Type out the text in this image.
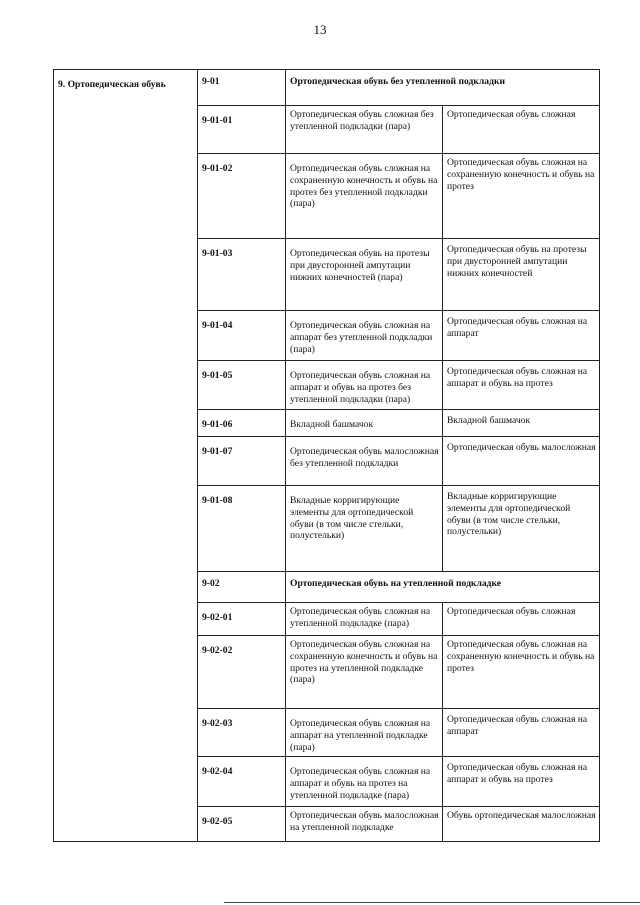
13
9. Ортопедическая обувь	9-01	Ортопедическая обувь без утепленной подкладки	
	9-01-01	Ортопедическая обувь сложная без утепленной подкладки (пара)	Ортопедическая обувь сложная
	9-01-02	Ортопедическая обувь сложная на сохраненную конечность и обувь на протез без утепленной подкладки (пара)	Ортопедическая обувь сложная на сохраненную конечность и обувь на протез
	9-01-03	Ортопедическая обувь на протезы при двусторонней ампутации нижних конечностей (пара)	Ортопедическая обувь на протезы при двусторонней ампутации нижних конечностей
	9-01-04	Ортопедическая обувь сложная на аппарат без утепленной подкладки (пара)	Ортопедическая обувь сложная на аппарат
	9-01-05	Ортопедическая обувь сложная на аппарат и обувь на протез без утепленной подкладки (пара)	Ортопедическая обувь сложная на аппарат и обувь на протез
	9-01-06	Вкладной башмачок	Вкладной башмачок
	9-01-07	Ортопедическая обувь малосложная без утепленной подкладки	Ортопедическая обувь малосложная
	9-01-08	Вкладные корригирующие элементы для ортопедической обуви (в том числе стельки, полустельки)	Вкладные корригирующие элементы для ортопедической обуви (в том числе стельки, полустельки)
	9-02	Ортопедическая обувь на утепленной подкладке	
	9-02-01	Ортопедическая обувь сложная на утепленной подкладке (пара)	Ортопедическая обувь сложная
	9-02-02	Ортопедическая обувь сложная на сохраненную конечность и обувь на протез на утепленной подкладке (пара)	Ортопедическая обувь сложная на сохраненную конечность и обувь на протез
	9-02-03	Ортопедическая обувь сложная на аппарат на утепленной подкладке (пара)	Ортопедическая обувь сложная на аппарат
	9-02-04	Ортопедическая обувь сложная на аппарат и обувь на протез на утепленной подкладке (пара)	Ортопедическая обувь сложная на аппарат и обувь на протез
	9-02-05	Ортопедическая обувь малосложная на утепленной подкладке	Обувь ортопедическая малосложная
